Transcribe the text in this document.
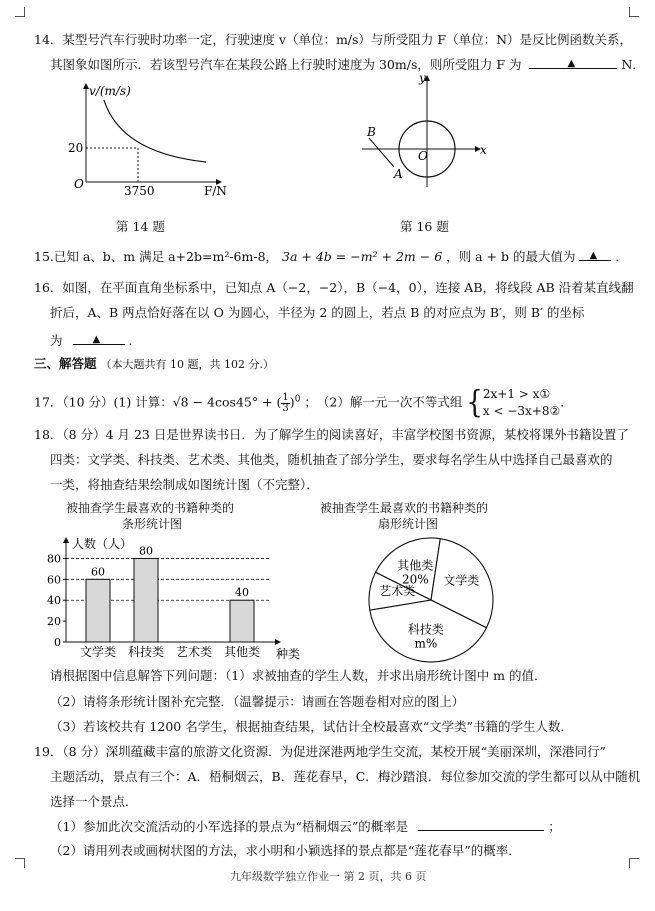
14．某型号汽车行驶时功率一定，行驶速度 v（单位：m/s）与所受阻力 F（单位：N）是反比例函数关系，
其图象如图所示．若该型号汽车在某段公路上行驶时速度为 30m/s，则所受阻力 F 为	▲	N．
v/(m/s)
20
O	3750	F/N
y
x
O
B
A
第 14 题	第 16 题
15.已知 a、b、m 满足 a+2b=m²-6m-8， 3a + 4b = −m² + 2m − 6 ，则 a + b 的最大值为 ▲ ．
16．如图，在平面直角坐标系中，已知点 A（−2，−2），B（−4，0），连接 AB，将线段 AB 沿着某直线翻
折后，A、B 两点恰好落在以 O 为圆心，半径为 2 的圆上，若点 B 的对应点为 B′，则 B′ 的坐标
为	▲ ．
三、解答题 （本大题共有 10 题，共 102 分.）
17．（10 分）(1) 计算：√8 − 4cos45° + ( $\frac{1}{3} )^0$ ；　（2）解一元一次不等式组 { 2x+1 > x①
x < −3x+8②
．
18．（8 分）4 月 23 日是世界读书日．为了解学生的阅读喜好，丰富学校图书资源，某校将课外书籍设置了
四类：文学类、科技类、艺术类、其他类，随机抽查了部分学生，要求每名学生从中选择自己最喜欢的
一类，将抽查结果绘制成如图统计图（不完整）．
被抽查学生最喜欢的书籍种类的
条形统计图
被抽查学生最喜欢的书籍种类的
扇形统计图
0
20
40
60
80
60
80
40
文学类 科技类 艺术类 其他类
人数（人）
种类
其他类
20% 文学类
科技类
m%
艺术类
请根据图中信息解答下列问题：（1）求被抽查的学生人数，并求出扇形统计图中 m 的值．
（2）请将条形统计图补充完整．（温馨提示：请画在答题卷相对应的图上）
（3）若该校共有 1200 名学生，根据抽查结果，试估计全校最喜欢“文学类”书籍的学生人数．
19．（8 分）深圳蕴藏丰富的旅游文化资源．为促进深港两地学生交流，某校开展“美丽深圳，深港同行”
主题活动，景点有三个：A．梧桐烟云，B．莲花春早，C．梅沙踏浪．每位参加交流的学生都可以从中随机
选择一个景点．
（1）参加此次交流活动的小军选择的景点为“梧桐烟云”的概率是	；
（2）请用列表或画树状图的方法，求小明和小颖选择的景点都是“莲花春早”的概率．
九年级数学独立作业一 第 2 页，共 6 页
